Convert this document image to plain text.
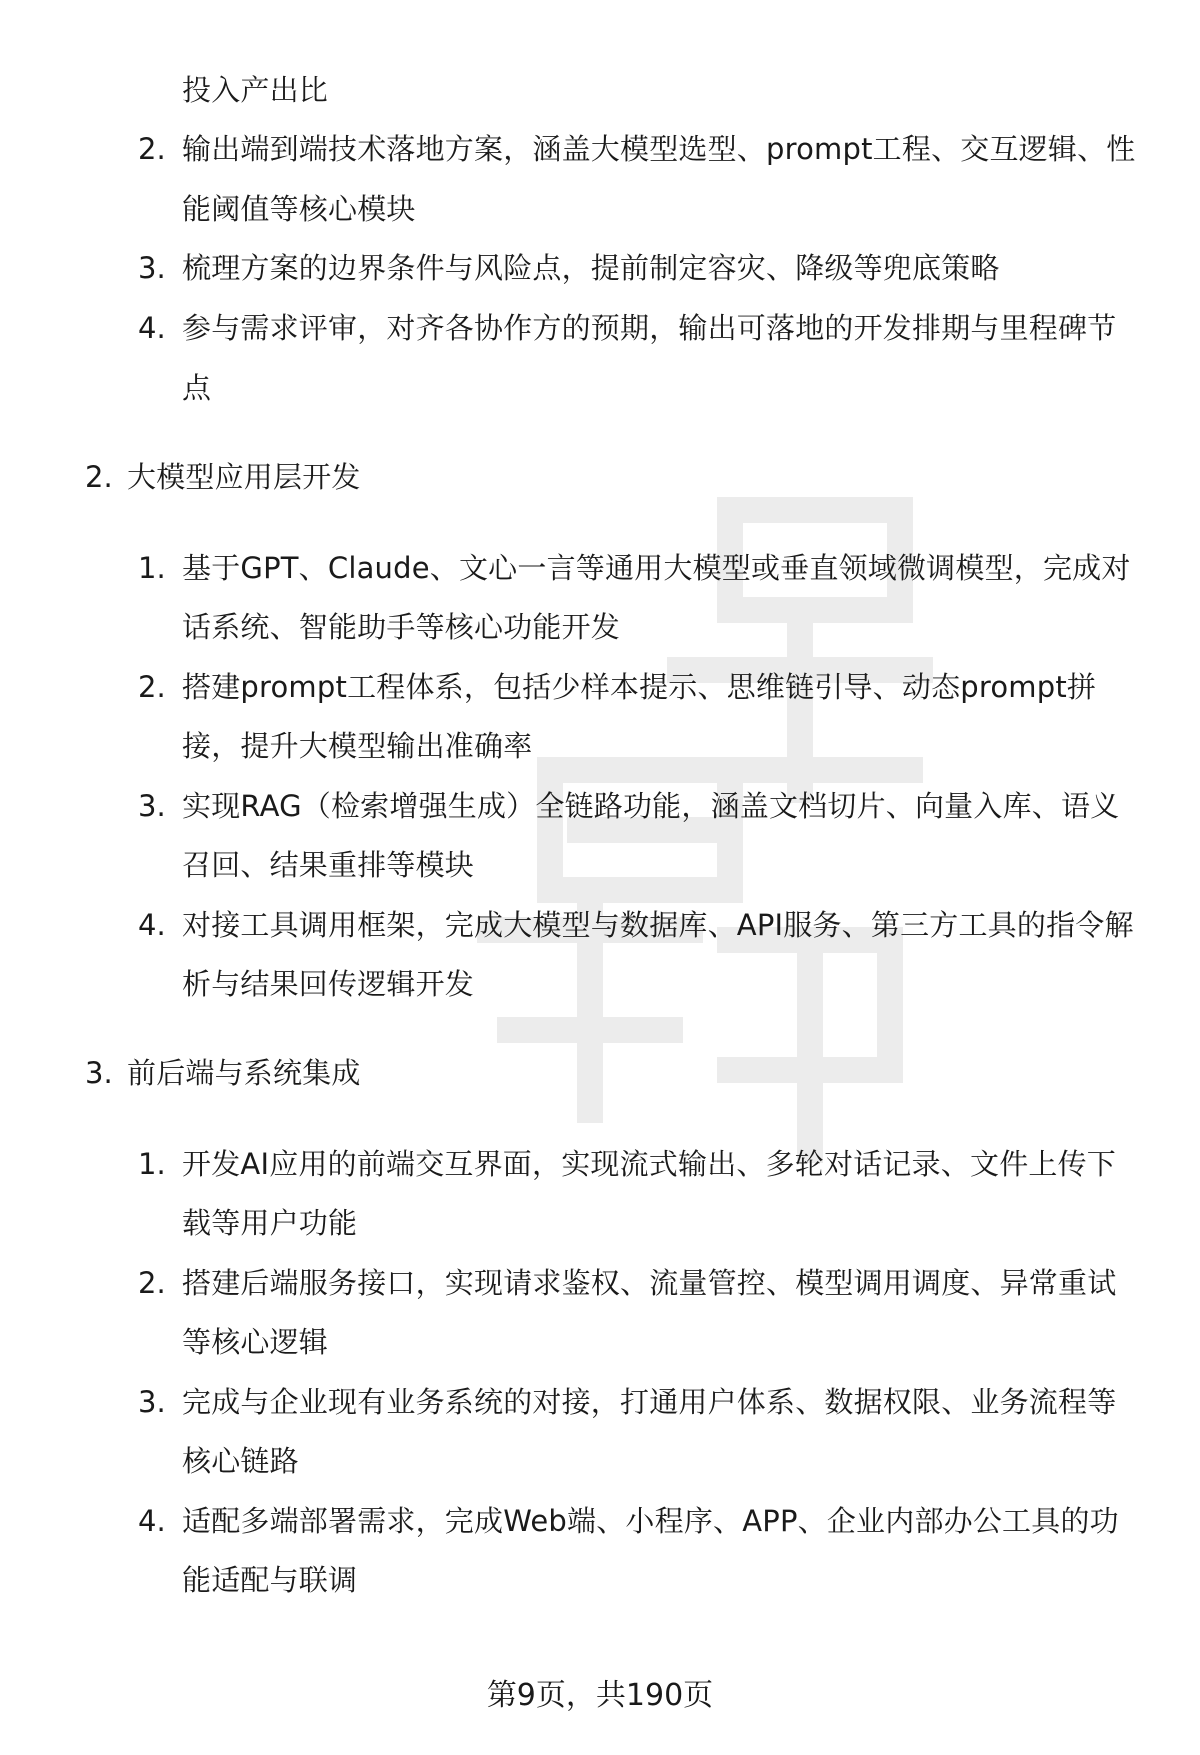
投入产出比
2. 输出端到端技术落地方案，涵盖大模型选型、prompt工程、交互逻辑、性
能阈值等核心模块
3. 梳理方案的边界条件与风险点，提前制定容灾、降级等兜底策略
4. 参与需求评审，对齐各协作方的预期，输出可落地的开发排期与里程碑节
点
2. 大模型应用层开发
1. 基于GPT、Claude、文心一言等通用大模型或垂直领域微调模型，完成对
话系统、智能助手等核心功能开发
2. 搭建prompt工程体系，包括少样本提示、思维链引导、动态prompt拼
接，提升大模型输出准确率
3. 实现RAG（检索增强生成）全链路功能，涵盖文档切片、向量入库、语义
召回、结果重排等模块
4. 对接工具调用框架，完成大模型与数据库、API服务、第三方工具的指令解
析与结果回传逻辑开发
3. 前后端与系统集成
1. 开发AI应用的前端交互界面，实现流式输出、多轮对话记录、文件上传下
载等用户功能
2. 搭建后端服务接口，实现请求鉴权、流量管控、模型调用调度、异常重试
等核心逻辑
3. 完成与企业现有业务系统的对接，打通用户体系、数据权限、业务流程等
核心链路
4. 适配多端部署需求，完成Web端、小程序、APP、企业内部办公工具的功
能适配与联调
第9页，共190页
